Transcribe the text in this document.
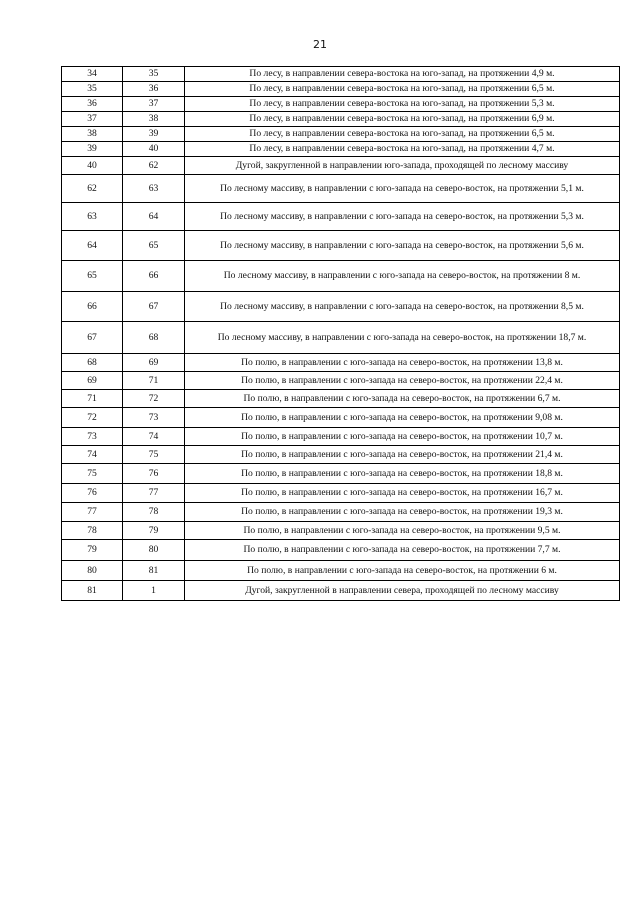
21
34	35	По лесу, в направлении севера-востока на юго-запад, на протяжении 4,9 м.
35	36	По лесу, в направлении севера-востока на юго-запад, на протяжении 6,5 м.
36	37	По лесу, в направлении севера-востока на юго-запад, на протяжении 5,3 м.
37	38	По лесу, в направлении севера-востока на юго-запад, на протяжении 6,9 м.
38	39	По лесу, в направлении севера-востока на юго-запад, на протяжении 6,5 м.
39	40	По лесу, в направлении севера-востока на юго-запад, на протяжении 4,7 м.
40	62	Дугой, закругленной в направлении юго-запада, проходящей по лесному массиву
62	63	По лесному массиву, в направлении с юго-запада на северо-восток, на протяжении 5,1 м.
63	64	По лесному массиву, в направлении с юго-запада на северо-восток, на протяжении 5,3 м.
64	65	По лесному массиву, в направлении с юго-запада на северо-восток, на протяжении 5,6 м.
65	66	По лесному массиву, в направлении с юго-запада на северо-восток, на протяжении 8 м.
66	67	По лесному массиву, в направлении с юго-запада на северо-восток, на протяжении 8,5 м.
67	68	По лесному массиву, в направлении с юго-запада на северо-восток, на протяжении 18,7 м.
68	69	По полю, в направлении с юго-запада на северо-восток, на протяжении 13,8 м.
69	71	По полю, в направлении с юго-запада на северо-восток, на протяжении 22,4 м.
71	72	По полю, в направлении с юго-запада на северо-восток, на протяжении 6,7 м.
72	73	По полю, в направлении с юго-запада на северо-восток, на протяжении 9,08 м.
73	74	По полю, в направлении с юго-запада на северо-восток, на протяжении 10,7 м.
74	75	По полю, в направлении с юго-запада на северо-восток, на протяжении 21,4 м.
75	76	По полю, в направлении с юго-запада на северо-восток, на протяжении 18,8 м.
76	77	По полю, в направлении с юго-запада на северо-восток, на протяжении 16,7 м.
77	78	По полю, в направлении с юго-запада на северо-восток, на протяжении 19,3 м.
78	79	По полю, в направлении с юго-запада на северо-восток, на протяжении 9,5 м.
79	80	По полю, в направлении с юго-запада на северо-восток, на протяжении 7,7 м.
80	81	По полю, в направлении с юго-запада на северо-восток, на протяжении 6 м.
81	1	Дугой, закругленной в направлении севера, проходящей по лесному массиву
